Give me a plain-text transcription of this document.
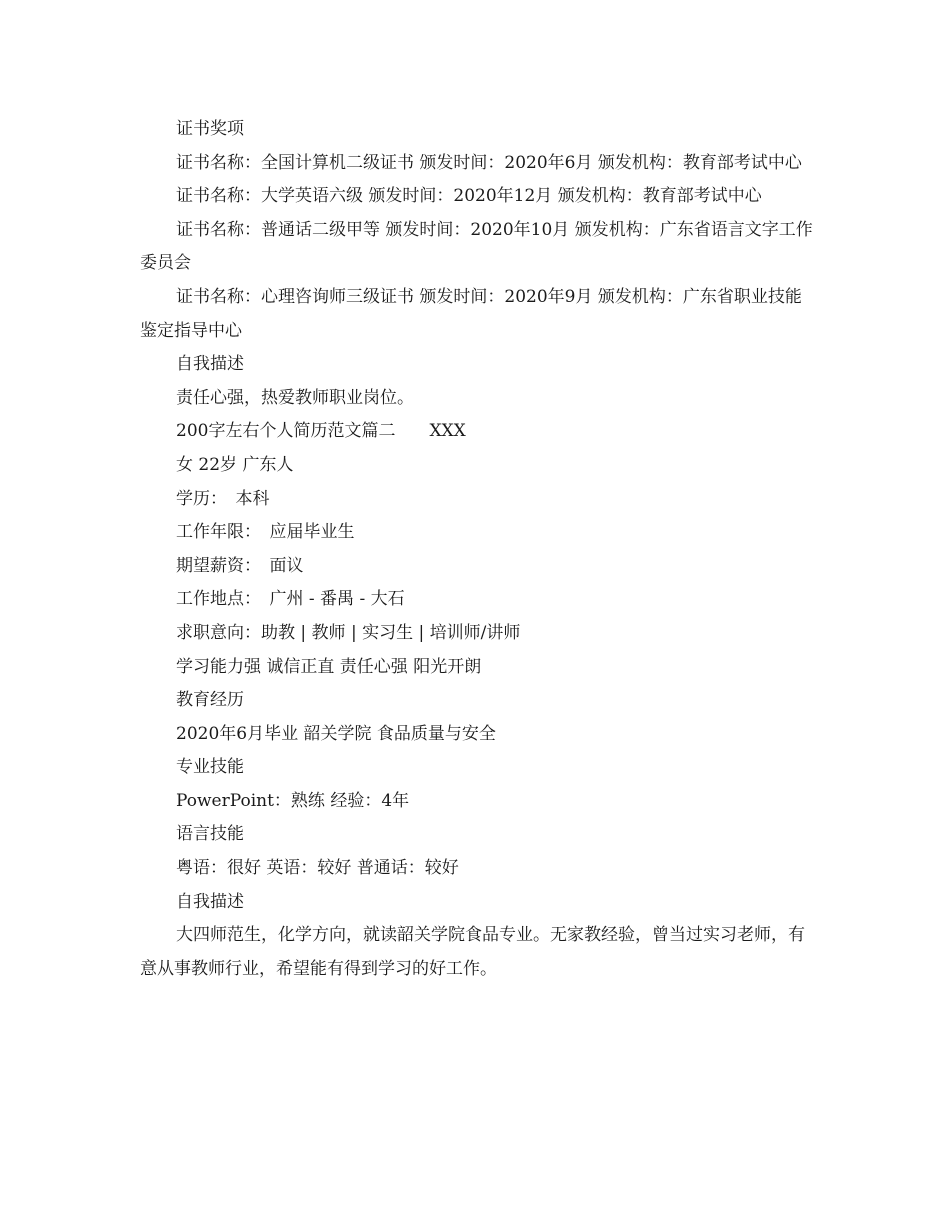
证书奖项

证书名称：全国计算机二级证书 颁发时间：2020年6月 颁发机构：教育部考试中心

证书名称：大学英语六级 颁发时间：2020年12月 颁发机构：教育部考试中心

证书名称：普通话二级甲等 颁发时间：2020年10月 颁发机构：广东省语言文字工作委员会

证书名称：心理咨询师三级证书 颁发时间：2020年9月 颁发机构：广东省职业技能鉴定指导中心

自我描述

责任心强，热爱教师职业岗位。

200字左右个人简历范文篇二　　XXX

女 22岁 广东人

学历：　本科

工作年限：　应届毕业生

期望薪资：　面议

工作地点：　广州 - 番禺 - 大石

求职意向：助教 | 教师 | 实习生 | 培训师/讲师

学习能力强 诚信正直 责任心强 阳光开朗

教育经历

2020年6月毕业 韶关学院 食品质量与安全

专业技能

PowerPoint：熟练 经验：4年

语言技能

粤语：很好 英语：较好 普通话：较好

自我描述

大四师范生，化学方向，就读韶关学院食品专业。无家教经验，曾当过实习老师，有意从事教师行业，希望能有得到学习的好工作。
